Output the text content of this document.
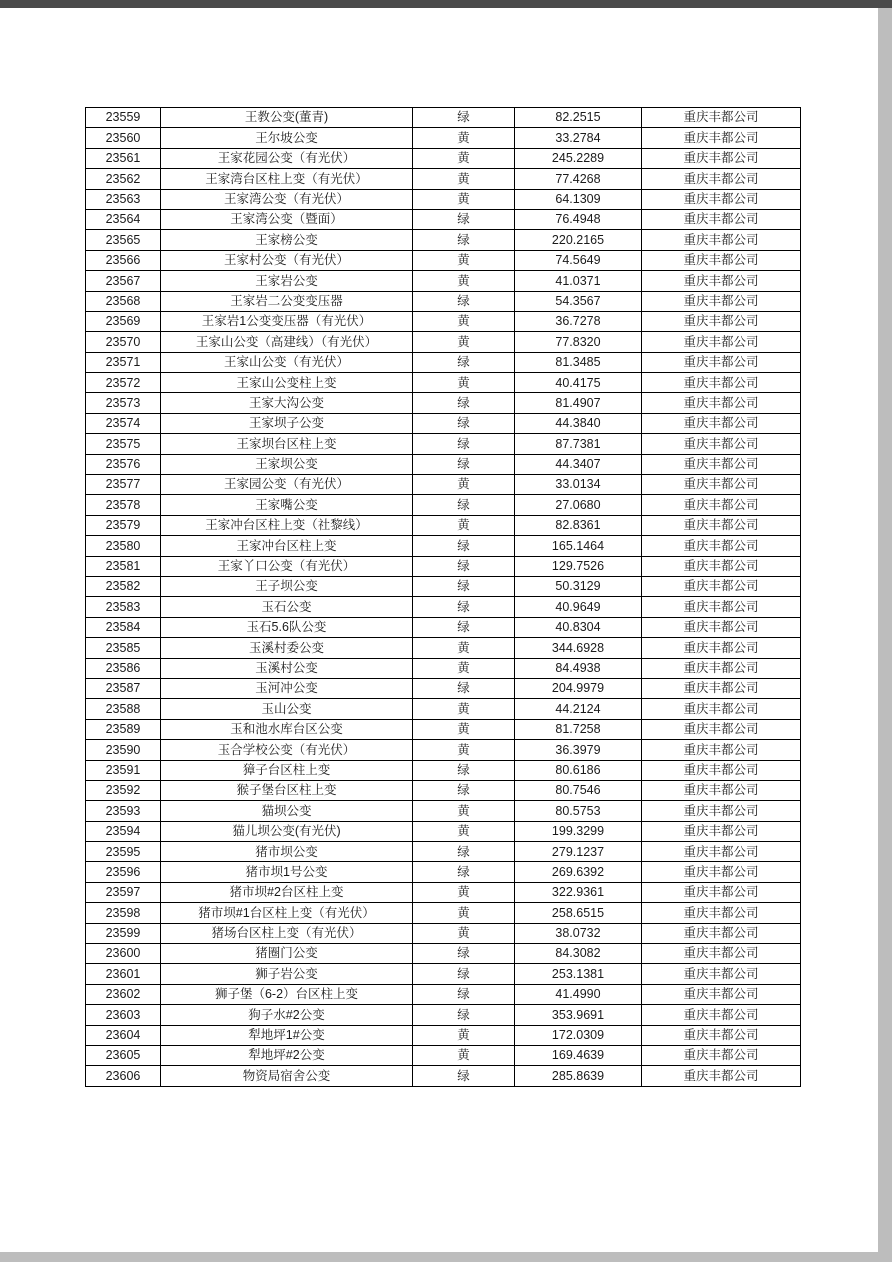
23559	王教公变(董青)	绿	82.2515	重庆丰都公司
23560	王尔坡公变	黄	33.2784	重庆丰都公司
23561	王家花园公变（有光伏）	黄	245.2289	重庆丰都公司
23562	王家湾台区柱上变（有光伏）	黄	77.4268	重庆丰都公司
23563	王家湾公变（有光伏）	黄	64.1309	重庆丰都公司
23564	王家湾公变（暨面）	绿	76.4948	重庆丰都公司
23565	王家榜公变	绿	220.2165	重庆丰都公司
23566	王家村公变（有光伏）	黄	74.5649	重庆丰都公司
23567	王家岩公变	黄	41.0371	重庆丰都公司
23568	王家岩二公变变压器	绿	54.3567	重庆丰都公司
23569	王家岩1公变变压器（有光伏）	黄	36.7278	重庆丰都公司
23570	王家山公变（高建线）（有光伏）	黄	77.8320	重庆丰都公司
23571	王家山公变（有光伏）	绿	81.3485	重庆丰都公司
23572	王家山公变柱上变	黄	40.4175	重庆丰都公司
23573	王家大沟公变	绿	81.4907	重庆丰都公司
23574	王家坝子公变	绿	44.3840	重庆丰都公司
23575	王家坝台区柱上变	绿	87.7381	重庆丰都公司
23576	王家坝公变	绿	44.3407	重庆丰都公司
23577	王家园公变（有光伏）	黄	33.0134	重庆丰都公司
23578	王家嘴公变	绿	27.0680	重庆丰都公司
23579	王家冲台区柱上变（社黎线）	黄	82.8361	重庆丰都公司
23580	王家冲台区柱上变	绿	165.1464	重庆丰都公司
23581	王家丫口公变（有光伏）	绿	129.7526	重庆丰都公司
23582	王子坝公变	绿	50.3129	重庆丰都公司
23583	玉石公变	绿	40.9649	重庆丰都公司
23584	玉石5.6队公变	绿	40.8304	重庆丰都公司
23585	玉溪村委公变	黄	344.6928	重庆丰都公司
23586	玉溪村公变	黄	84.4938	重庆丰都公司
23587	玉河冲公变	绿	204.9979	重庆丰都公司
23588	玉山公变	黄	44.2124	重庆丰都公司
23589	玉和池水库台区公变	黄	81.7258	重庆丰都公司
23590	玉合学校公变（有光伏）	黄	36.3979	重庆丰都公司
23591	獐子台区柱上变	绿	80.6186	重庆丰都公司
23592	猴子堡台区柱上变	绿	80.7546	重庆丰都公司
23593	猫坝公变	黄	80.5753	重庆丰都公司
23594	猫儿坝公变(有光伏)	黄	199.3299	重庆丰都公司
23595	猪市坝公变	绿	279.1237	重庆丰都公司
23596	猪市坝1号公变	绿	269.6392	重庆丰都公司
23597	猪市坝#2台区柱上变	黄	322.9361	重庆丰都公司
23598	猪市坝#1台区柱上变（有光伏）	黄	258.6515	重庆丰都公司
23599	猪场台区柱上变（有光伏）	黄	38.0732	重庆丰都公司
23600	猪圈门公变	绿	84.3082	重庆丰都公司
23601	狮子岩公变	绿	253.1381	重庆丰都公司
23602	狮子堡（6-2）台区柱上变	绿	41.4990	重庆丰都公司
23603	狗子水#2公变	绿	353.9691	重庆丰都公司
23604	犁地坪1#公变	黄	172.0309	重庆丰都公司
23605	犁地坪#2公变	黄	169.4639	重庆丰都公司
23606	物资局宿舍公变	绿	285.8639	重庆丰都公司
